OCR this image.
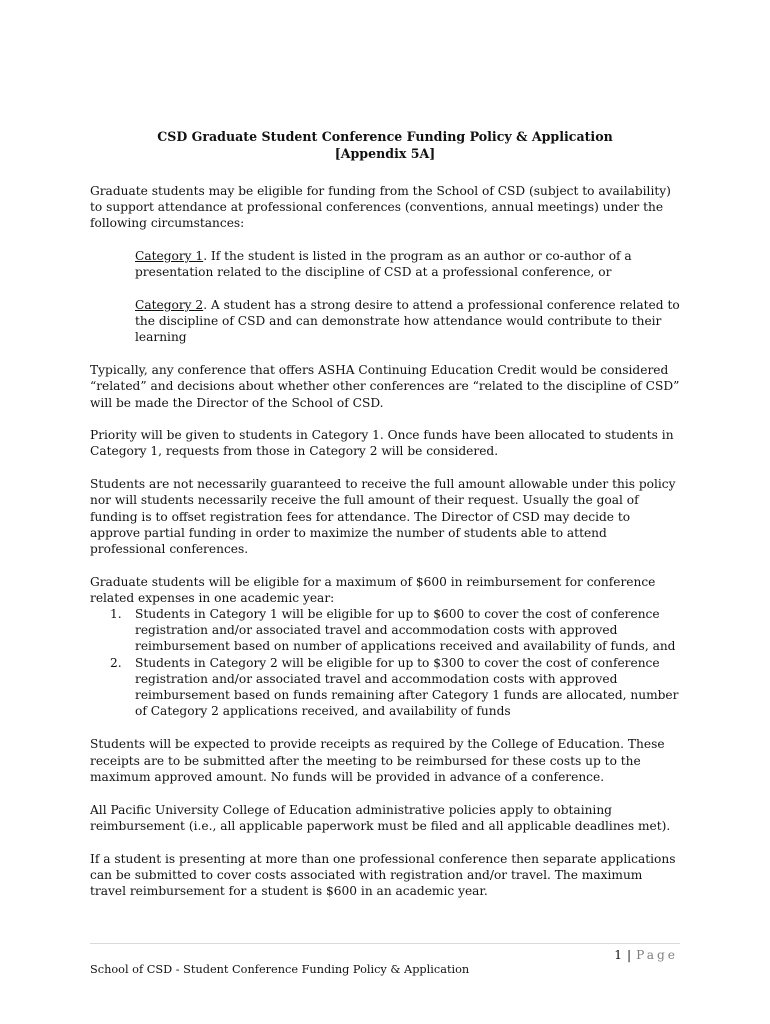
CSD Graduate Student Conference Funding Policy & Application
[Appendix 5A]

Graduate students may be eligible for funding from the School of CSD (subject to availability) to support attendance at professional conferences (conventions, annual meetings) under the following circumstances:

Category 1. If the student is listed in the program as an author or co-author of a presentation related to the discipline of CSD at a professional conference, or
Category 2. A student has a strong desire to attend a professional conference related to the discipline of CSD and can demonstrate how attendance would contribute to their learning

Typically, any conference that offers ASHA Continuing Education Credit would be considered “related” and decisions about whether other conferences are “related to the discipline of CSD” will be made the Director of the School of CSD.

Priority will be given to students in Category 1. Once funds have been allocated to students in Category 1, requests from those in Category 2 will be considered.

Students are not necessarily guaranteed to receive the full amount allowable under this policy nor will students necessarily receive the full amount of their request. Usually the goal of funding is to offset registration fees for attendance. The Director of CSD may decide to approve partial funding in order to maximize the number of students able to attend professional conferences.

Graduate students will be eligible for a maximum of $600 in reimbursement for conference related expenses in one academic year:
1. Students in Category 1 will be eligible for up to $600 to cover the cost of conference registration and/or associated travel and accommodation costs with approved reimbursement based on number of applications received and availability of funds, and
2. Students in Category 2 will be eligible for up to $300 to cover the cost of conference registration and/or associated travel and accommodation costs with approved reimbursement based on funds remaining after Category 1 funds are allocated, number of Category 2 applications received, and availability of funds

Students will be expected to provide receipts as required by the College of Education. These receipts are to be submitted after the meeting to be reimbursed for these costs up to the maximum approved amount. No funds will be provided in advance of a conference.

All Pacific University College of Education administrative policies apply to obtaining reimbursement (i.e., all applicable paperwork must be filed and all applicable deadlines met).

If a student is presenting at more than one professional conference then separate applications can be submitted to cover costs associated with registration and/or travel. The maximum travel reimbursement for a student is $600 in an academic year.

1 | Page
School of CSD - Student Conference Funding Policy & Application
